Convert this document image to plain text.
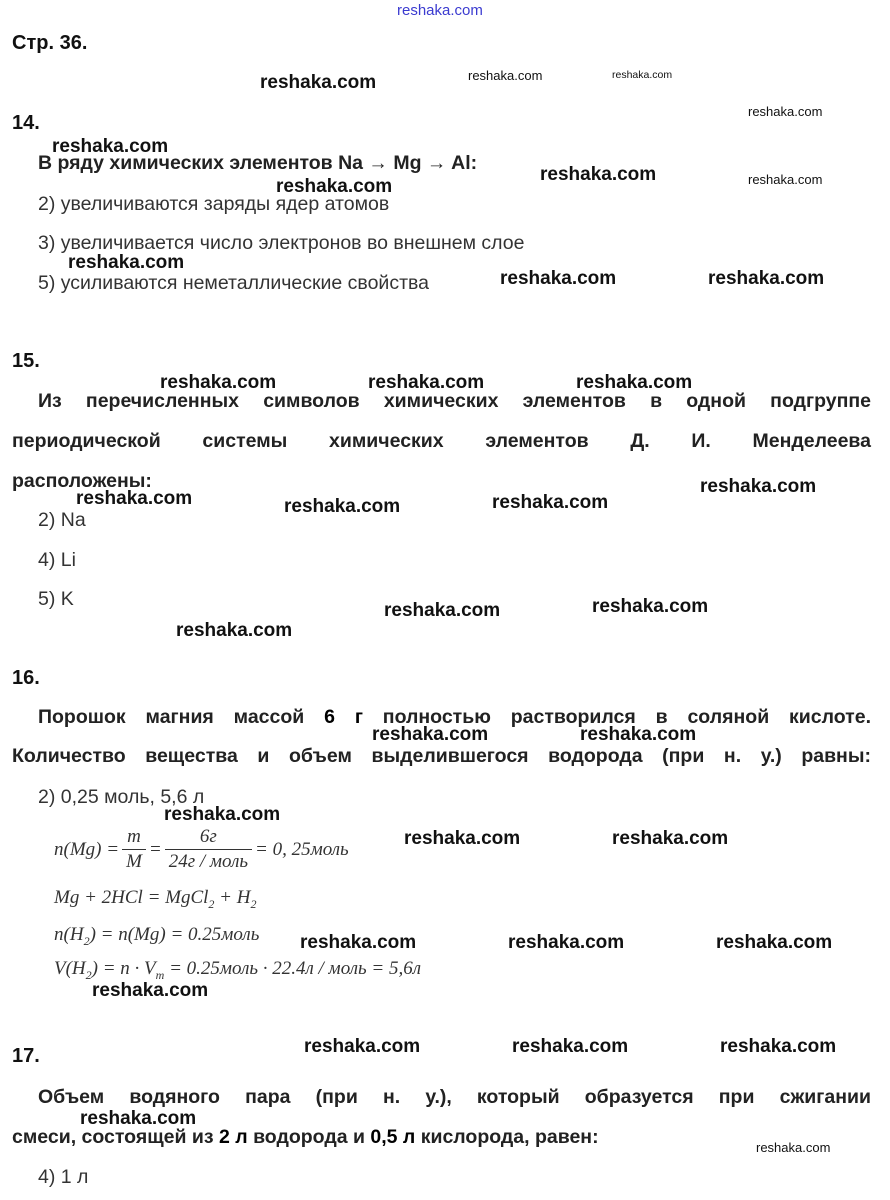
reshaka.com
Стр. 36.
14.
В ряду химических элементов Na → Mg → Al:
2) увеличиваются заряды ядер атомов
3) увеличивается число электронов во внешнем слое
5) усиливаются неметаллические свойства
15.
Из перечисленных символов химических элементов в одной подгруппе
периодической системы химических элементов Д. И. Менделеева
расположены:
2) Na
4) Li
5) K
16.
Порошок магния массой 6 г полностью растворился в соляной кислоте.
Количество вещества и объем выделившегося водорода (при н. у.) равны:
2) 0,25 моль, 5,6 л
$n(Mg) = \frac{m}{M} = \frac{6г}{\text{24г / моль}} = 0$, 25моль
Mg + 2HCl = MgCl$_2$ + $H_2$
$n(H_2) = n(Mg)$ = 0.25моль
$V(H_2) = n \cdot V_m$ = 0.25моль · 22.4л / моль = 5,6л
17.
Объем водяного пара (при н. у.), который образуется при сжигании
смеси, состоящей из 2 л водорода и 0,5 л кислорода, равен:
4) 1 л
reshaka.com	reshaka.com	reshaka.com
reshaka.com
reshaka.com
reshaka.com	reshaka.com
reshaka.com
reshaka.com
reshaka.com	reshaka.com
reshaka.com	reshaka.com	reshaka.com
reshaka.com
reshaka.com	reshaka.com
reshaka.com
reshaka.com
reshaka.com
reshaka.com
reshaka.com	reshaka.com
reshaka.com
reshaka.com	reshaka.com
reshaka.com	reshaka.com	reshaka.com
reshaka.com
reshaka.com	reshaka.com	reshaka.com
reshaka.com
reshaka.com
